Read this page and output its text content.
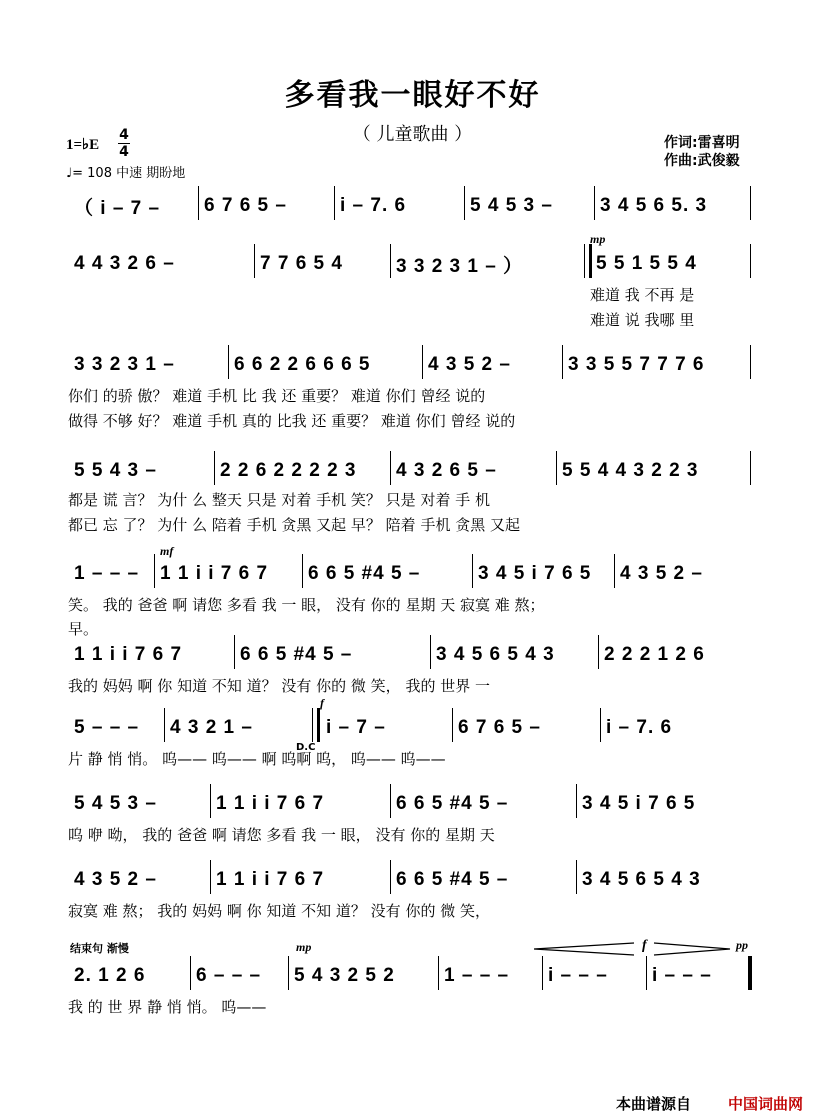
多看我一眼好不好
（ 儿童歌曲 ）
1=♭E
4
4
♩= 108 中速 期盼地
作词:雷喜明
作曲:武俊毅
（ i – 7 –	6 7 6 5 –	i – 7. 6	5 4 5 3 –	3 4 5 6 5. 3
mp
4 4 3 2 6 –	7 7 6 5 4	3 3 2 3 1 – ）	5 5 1 5 5 4
难道 我 不再 是
难道 说 我哪 里
3 3 2 3 1 –	6 6 2 2 6 6 6 5	4 3 5 2 –	3 3 5 5 7 7 7 6
你们 的骄 傲？ 难道 手机 比 我 还 重要？ 难道 你们 曾经 说的
做得 不够 好？ 难道 手机 真的 比我 还 重要？ 难道 你们 曾经 说的
5 5 4 3 –	2 2 6 2 2 2 2 3	4 3 2 6 5 –	5 5 4 4 3 2 2 3
都是 谎 言？ 为什 么 整天 只是 对着 手机 笑？ 只是 对着 手 机
都已 忘 了？ 为什 么 陪着 手机 贪黑 又起 早？ 陪着 手机 贪黑 又起
mf
1 – – –	1 1 i i 7 6 7	6 6 5 #4 5 –	3 4 5 i 7 6 5	4 3 5 2 –
笑。 我的 爸爸 啊 请您 多看 我 一 眼， 没有 你的 星期 天 寂寞 难 熬；
早。
1 1 i i 7 6 7	6 6 5 #4 5 –	3 4 5 6 5 4 3	2 2 2 1 2 6
我的 妈妈 啊 你 知道 不知 道？ 没有 你的 微 笑， 我的 世界 一
f
D.C
5 – – –	4 3 2 1 –	i – 7 –	6 7 6 5 –	i – 7. 6
片 静 悄 悄。 呜—— 呜—— 啊 呜啊 呜， 呜—— 呜——
5 4 5 3 –	1 1 i i 7 6 7	6 6 5 #4 5 –	3 4 5 i 7 6 5
呜 咿 呦， 我的 爸爸 啊 请您 多看 我 一 眼， 没有 你的 星期 天
4 3 5 2 –	1 1 i i 7 6 7	6 6 5 #4 5 –	3 4 5 6 5 4 3
寂寞 难 熬； 我的 妈妈 啊 你 知道 不知 道？ 没有 你的 微 笑，
结束句 渐慢	mp	f	pp
2. 1 2 6	6 – – –	5 4 3 2 5 2	1 – – –	i – – –	i – – –
我 的 世 界 静 悄 悄。 呜——
本曲谱源自 中国词曲网
